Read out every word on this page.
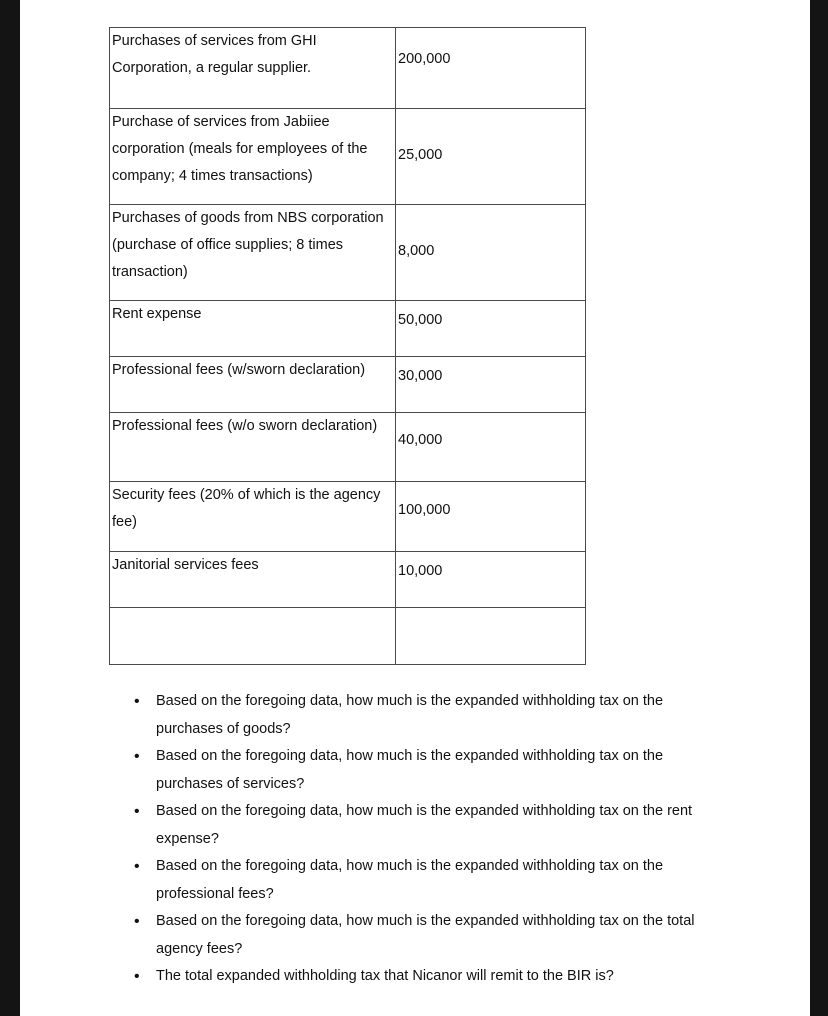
Purchases of services from GHI Corporation, a regular supplier.	200,000
Purchase of services from Jabiiee corporation (meals for employees of the company; 4 times transactions)	25,000
Purchases of goods from NBS corporation (purchase of office supplies; 8 times transaction)	8,000
Rent expense	50,000
Professional fees (w/sworn declaration)	30,000
Professional fees (w/o sworn declaration)	40,000
Security fees (20% of which is the agency fee)	100,000
Janitorial services fees	10,000

• Based on the foregoing data, how much is the expanded withholding tax on the purchases of goods?
• Based on the foregoing data, how much is the expanded withholding tax on the purchases of services?
• Based on the foregoing data, how much is the expanded withholding tax on the rent expense?
• Based on the foregoing data, how much is the expanded withholding tax on the professional fees?
• Based on the foregoing data, how much is the expanded withholding tax on the total agency fees?
• The total expanded withholding tax that Nicanor will remit to the BIR is?
